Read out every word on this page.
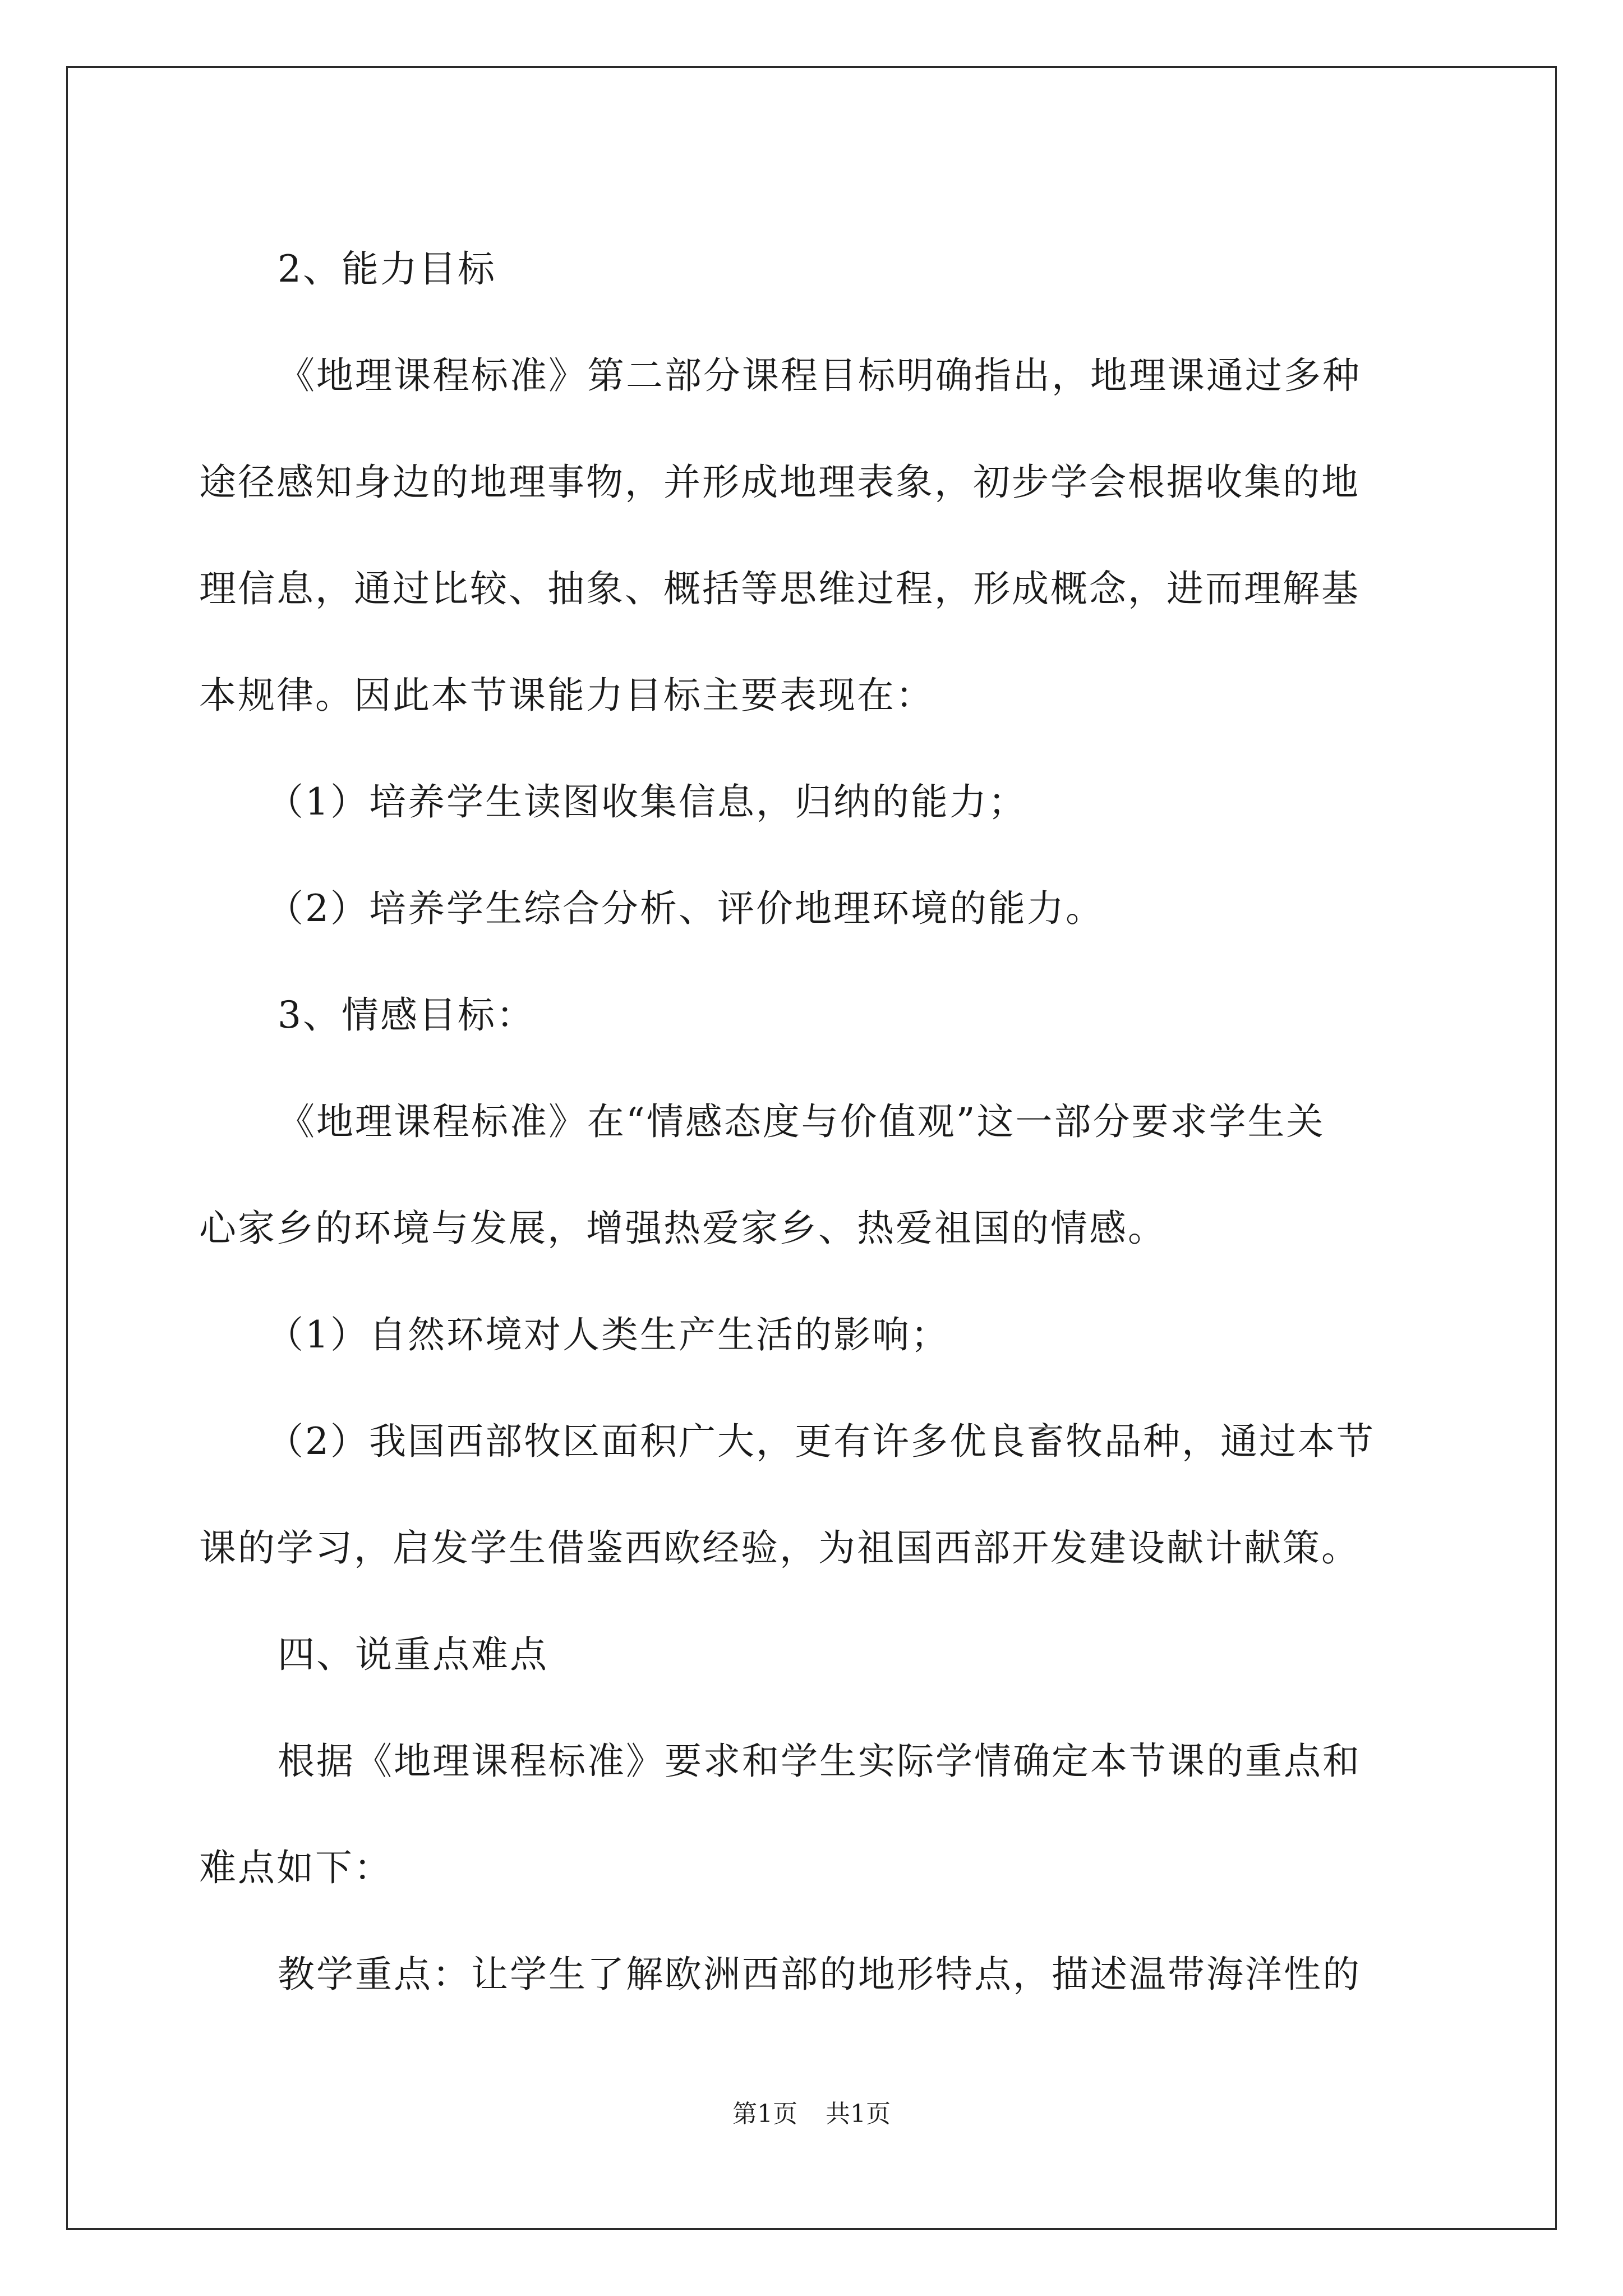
2、能力目标

《地理课程标准》第二部分课程目标明确指出，地理课通过多种

途径感知身边的地理事物，并形成地理表象，初步学会根据收集的地

理信息，通过比较、抽象、概括等思维过程，形成概念，进而理解基

本规律。因此本节课能力目标主要表现在：

（1）培养学生读图收集信息，归纳的能力；

（2）培养学生综合分析、评价地理环境的能力。

3、情感目标：

《地理课程标准》在“情感态度与价值观”这一部分要求学生关

心家乡的环境与发展，增强热爱家乡、热爱祖国的情感。

（1）自然环境对人类生产生活的影响；

（2）我国西部牧区面积广大，更有许多优良畜牧品种，通过本节

课的学习，启发学生借鉴西欧经验，为祖国西部开发建设献计献策。

四、说重点难点

根据《地理课程标准》要求和学生实际学情确定本节课的重点和

难点如下：

教学重点：让学生了解欧洲西部的地形特点，描述温带海洋性的

第1页 共1页
